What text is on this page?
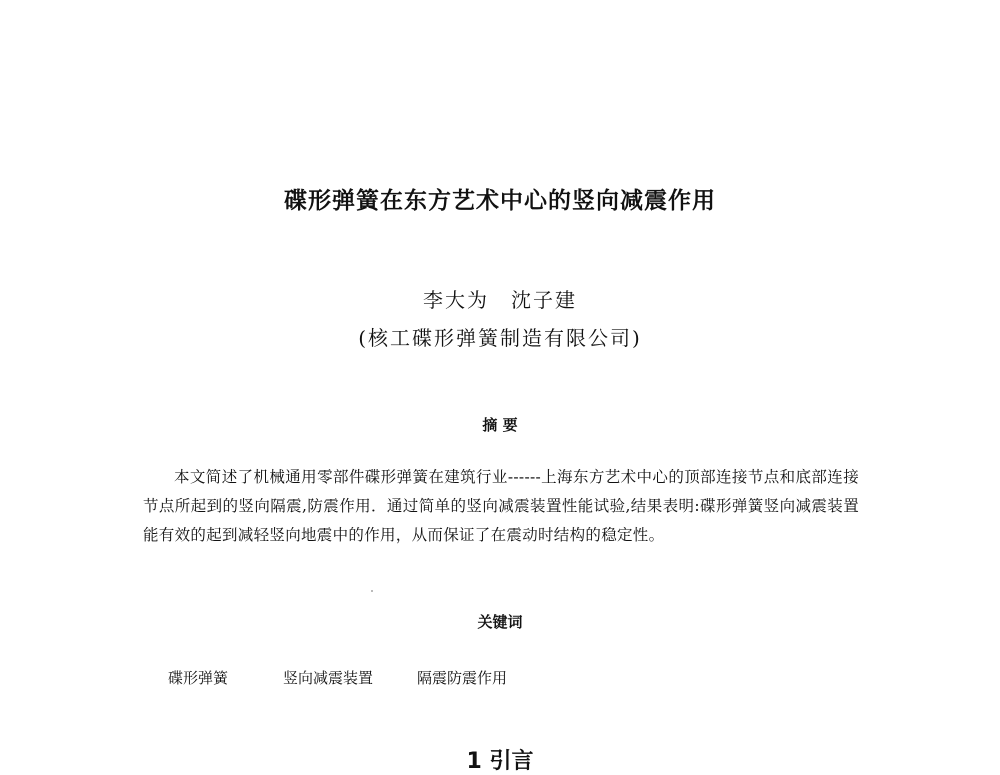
碟形弹簧在东方艺术中心的竖向减震作用
李大为　沈子建
(核工碟形弹簧制造有限公司)
摘 要
本文简述了机械通用零部件碟形弹簧在建筑行业------上海东方艺术中心的顶部连接节点和底部连接节点所起到的竖向隔震,防震作用．通过简单的竖向减震装置性能试验,结果表明:碟形弹簧竖向减震装置能有效的起到减轻竖向地震中的作用，从而保证了在震动时结构的稳定性。
关键词
碟形弹簧	竖向减震装置	隔震防震作用
1 引言
